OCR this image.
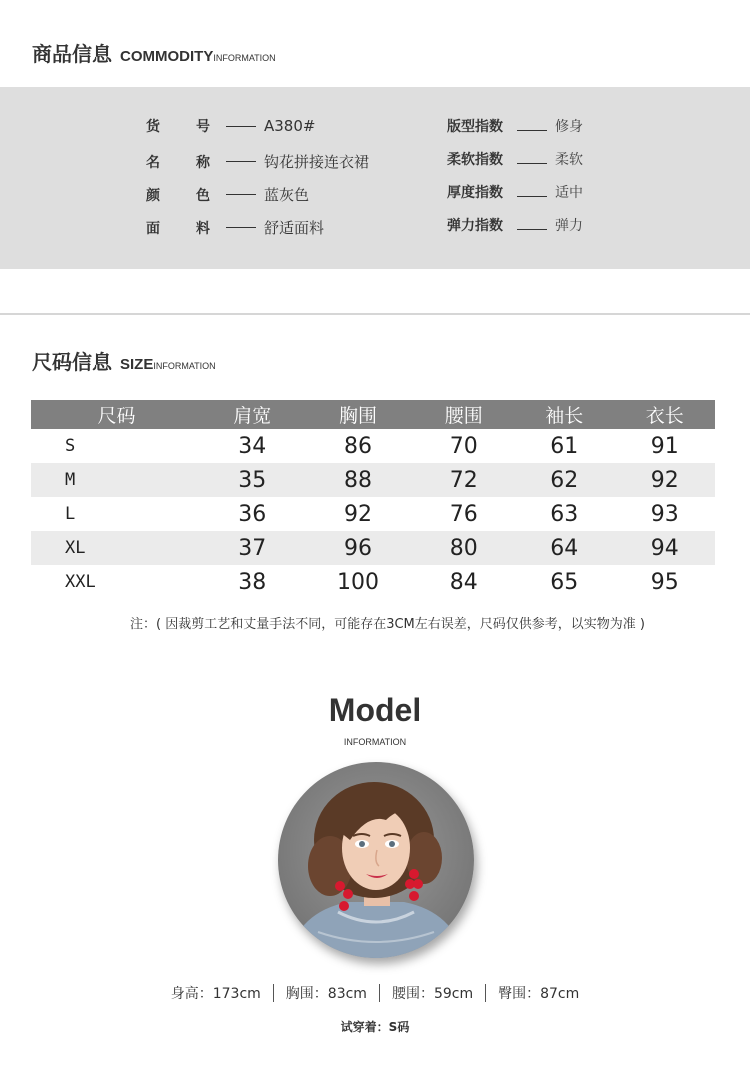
商品信息 COMMODITY INFORMATION
货	号	A380#
名	称	钩花拼接连衣裙
颜	色	蓝灰色
面	料	舒适面料
版型指数	修身
柔软指数	柔软
厚度指数	适中
弹力指数	弹力
尺码信息 SIZE INFORMATION
尺码	肩宽	胸围	腰围	袖长	衣长
S	34	86	70	61	91
M	35	88	72	62	92
L	36	92	76	63	93
XL	37	96	80	64	94
XXL	38	100	84	65	95
注：( 因裁剪工艺和丈量手法不同，可能存在3CM左右误差，尺码仅供参考，以实物为准 )
Model
INFORMATION
身高：173cm	胸围：83cm	腰围：59cm	臀围：87cm
试穿着：S码
